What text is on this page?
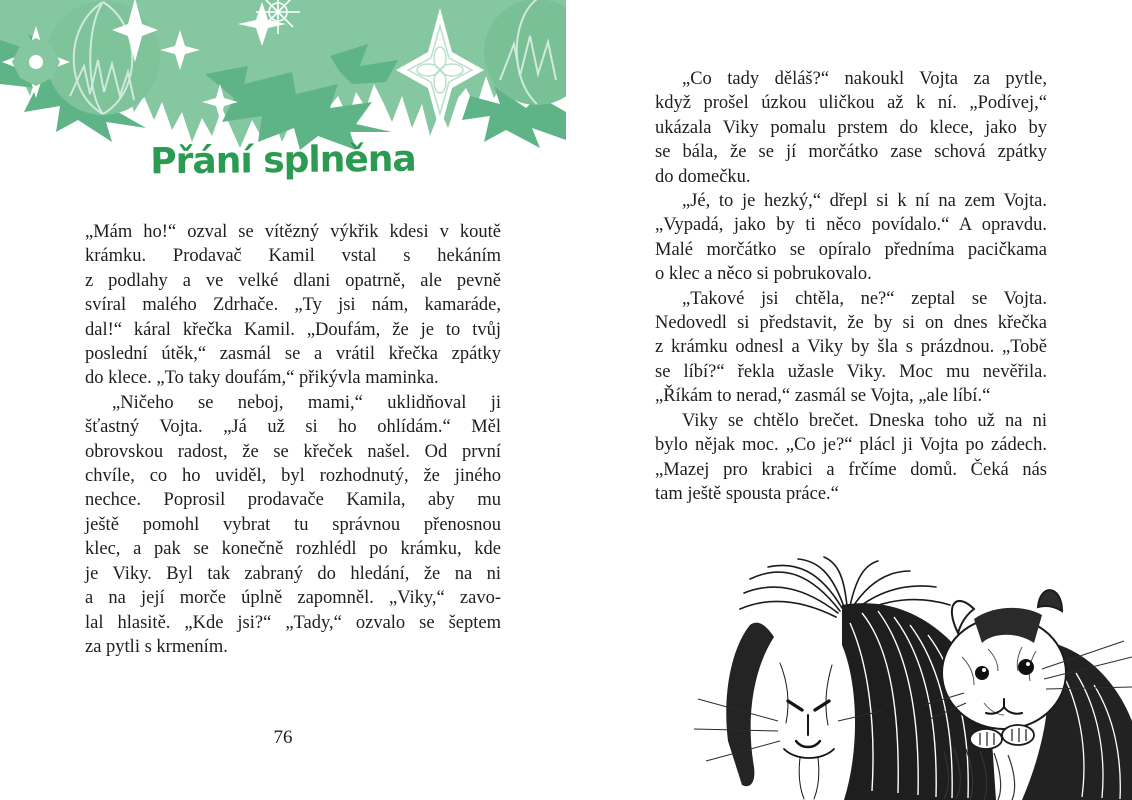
Přání splněna
„Mám ho!“ ozval se vítězný výkřik kdesi v koutě
krámku. Prodavač Kamil vstal s hekáním
z podlahy a ve velké dlani opatrně, ale pevně
svíral malého Zdrhače. „Ty jsi nám, kamaráde,
dal!“ káral křečka Kamil. „Doufám, že je to tvůj
poslední útěk,“ zasmál se a vrátil křečka zpátky
do klece. „To taky doufám,“ přikývla maminka.
„Ničeho se neboj, mami,“ uklidňoval ji
šťastný Vojta. „Já už si ho ohlídám.“ Měl
obrovskou radost, že se křeček našel. Od první
chvíle, co ho uviděl, byl rozhodnutý, že jiného
nechce. Poprosil prodavače Kamila, aby mu
ještě pomohl vybrat tu správnou přenosnou
klec, a pak se konečně rozhlédl po krámku, kde
je Viky. Byl tak zabraný do hledání, že na ni
a na její morče úplně zapomněl. „Viky,“ zavo-
lal hlasitě. „Kde jsi?“ „Tady,“ ozvalo se šeptem
za pytli s krmením.
76
„Co tady děláš?“ nakoukl Vojta za pytle,
když prošel úzkou uličkou až k ní. „Podívej,“
ukázala Viky pomalu prstem do klece, jako by
se bála, že se jí morčátko zase schová zpátky
do domečku.
„Jé, to je hezký,“ dřepl si k ní na zem Vojta.
„Vypadá, jako by ti něco povídalo.“ A opravdu.
Malé morčátko se opíralo předníma pacičkama
o klec a něco si pobrukovalo.
„Takové jsi chtěla, ne?“ zeptal se Vojta.
Nedovedl si představit, že by si on dnes křečka
z krámku odnesl a Viky by šla s prázdnou. „Tobě
se líbí?“ řekla užasle Viky. Moc mu nevěřila.
„Říkám to nerad,“ zasmál se Vojta, „ale líbí.“
Viky se chtělo brečet. Dneska toho už na ni
bylo nějak moc. „Co je?“ plácl ji Vojta po zádech.
„Mazej pro krabici a frčíme domů. Čeká nás
tam ještě spousta práce.“
